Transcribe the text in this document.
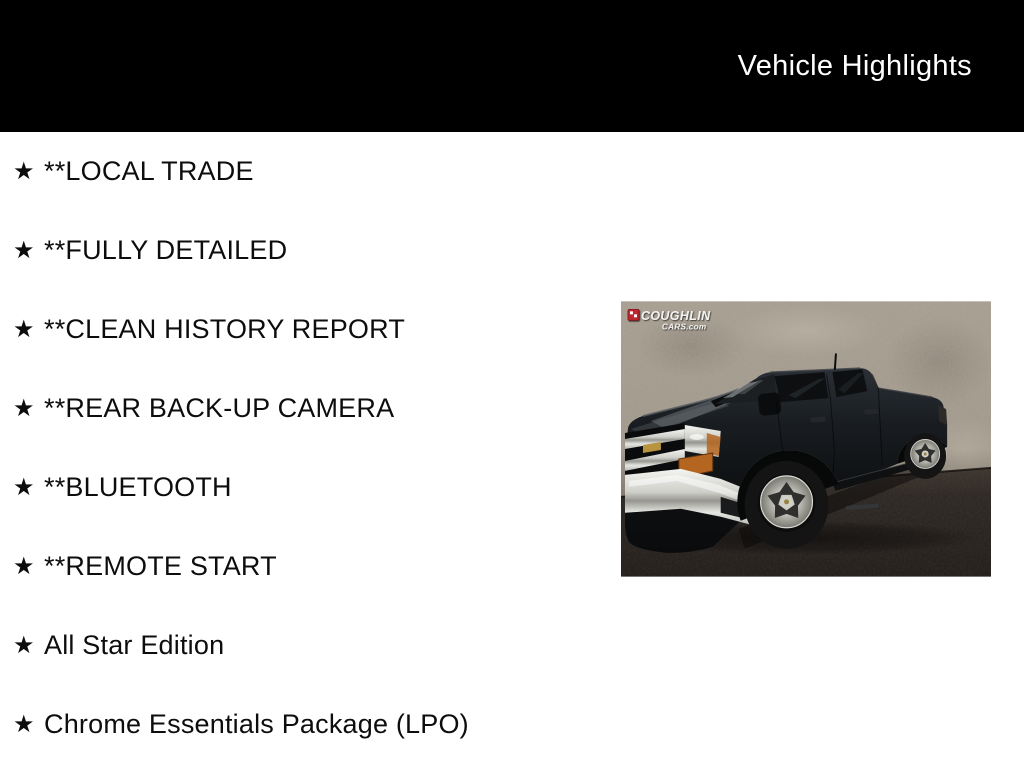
Vehicle Highlights
★ **LOCAL TRADE
★ **FULLY DETAILED
★ **CLEAN HISTORY REPORT
★ **REAR BACK-UP CAMERA
★ **BLUETOOTH
★ **REMOTE START
★ All Star Edition
★ Chrome Essentials Package (LPO)
COUGHLIN
CARS.com
